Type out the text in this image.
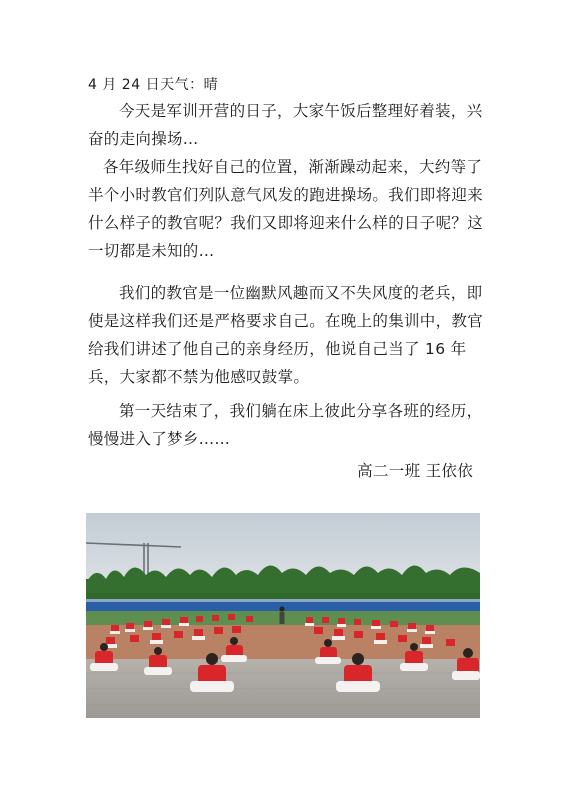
4 月 24 日天气：晴

今天是军训开营的日子，大家午饭后整理好着装，兴奋的走向操场…

各年级师生找好自己的位置，渐渐躁动起来，大约等了半个小时教官们列队意气风发的跑进操场。我们即将迎来什么样子的教官呢？我们又即将迎来什么样的日子呢？这一切都是未知的…

我们的教官是一位幽默风趣而又不失风度的老兵，即使是这样我们还是严格要求自己。在晚上的集训中，教官给我们讲述了他自己的亲身经历，他说自己当了 16 年兵，大家都不禁为他感叹鼓掌。

第一天结束了，我们躺在床上彼此分享各班的经历，慢慢进入了梦乡……

高二一班 王依依
